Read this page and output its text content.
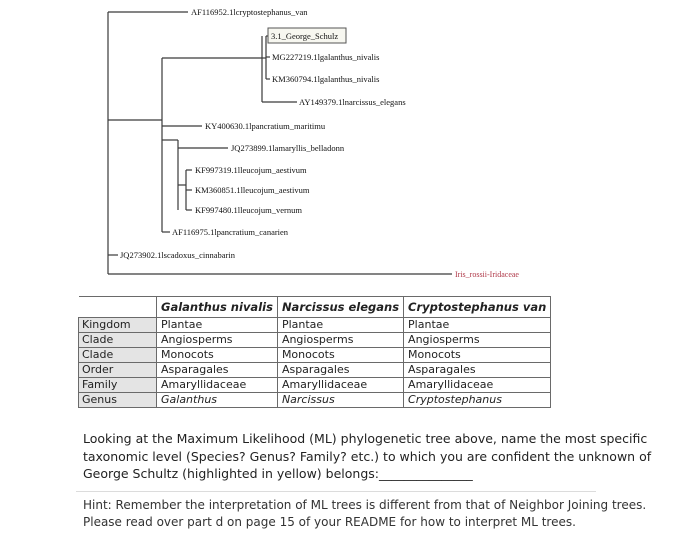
AF116952.1lcryptostephanus_van
3.1_George_Schulz
MG227219.1lgalanthus_nivalis
KM360794.1lgalanthus_nivalis
AY149379.1lnarcissus_elegans
KY400630.1lpancratium_maritimu
JQ273899.1lamaryllis_belladonn
KF997319.1lleucojum_aestivum
KM360851.1lleucojum_aestivum
KF997480.1lleucojum_vernum
AF116975.1lpancratium_canarien
JQ273902.1lscadoxus_cinnabarin
Iris_rossii-Iridaceae
	Galanthus nivalis	Narcissus elegans	Cryptostephanus van
Kingdom	Plantae	Plantae	Plantae
Clade	Angiosperms	Angiosperms	Angiosperms
Clade	Monocots	Monocots	Monocots
Order	Asparagales	Asparagales	Asparagales
Family	Amaryllidaceae	Amaryllidaceae	Amaryllidaceae
Genus	Galanthus	Narcissus	Cryptostephanus
Looking at the Maximum Likelihood (ML) phylogenetic tree above, name the most specific taxonomic level (Species? Genus? Family? etc.) to which you are confident the unknown of George Schultz (highlighted in yellow) belongs:_______________
Hint: Remember the interpretation of ML trees is different from that of Neighbor Joining trees. Please read over part d on page 15 of your README for how to interpret ML trees.
